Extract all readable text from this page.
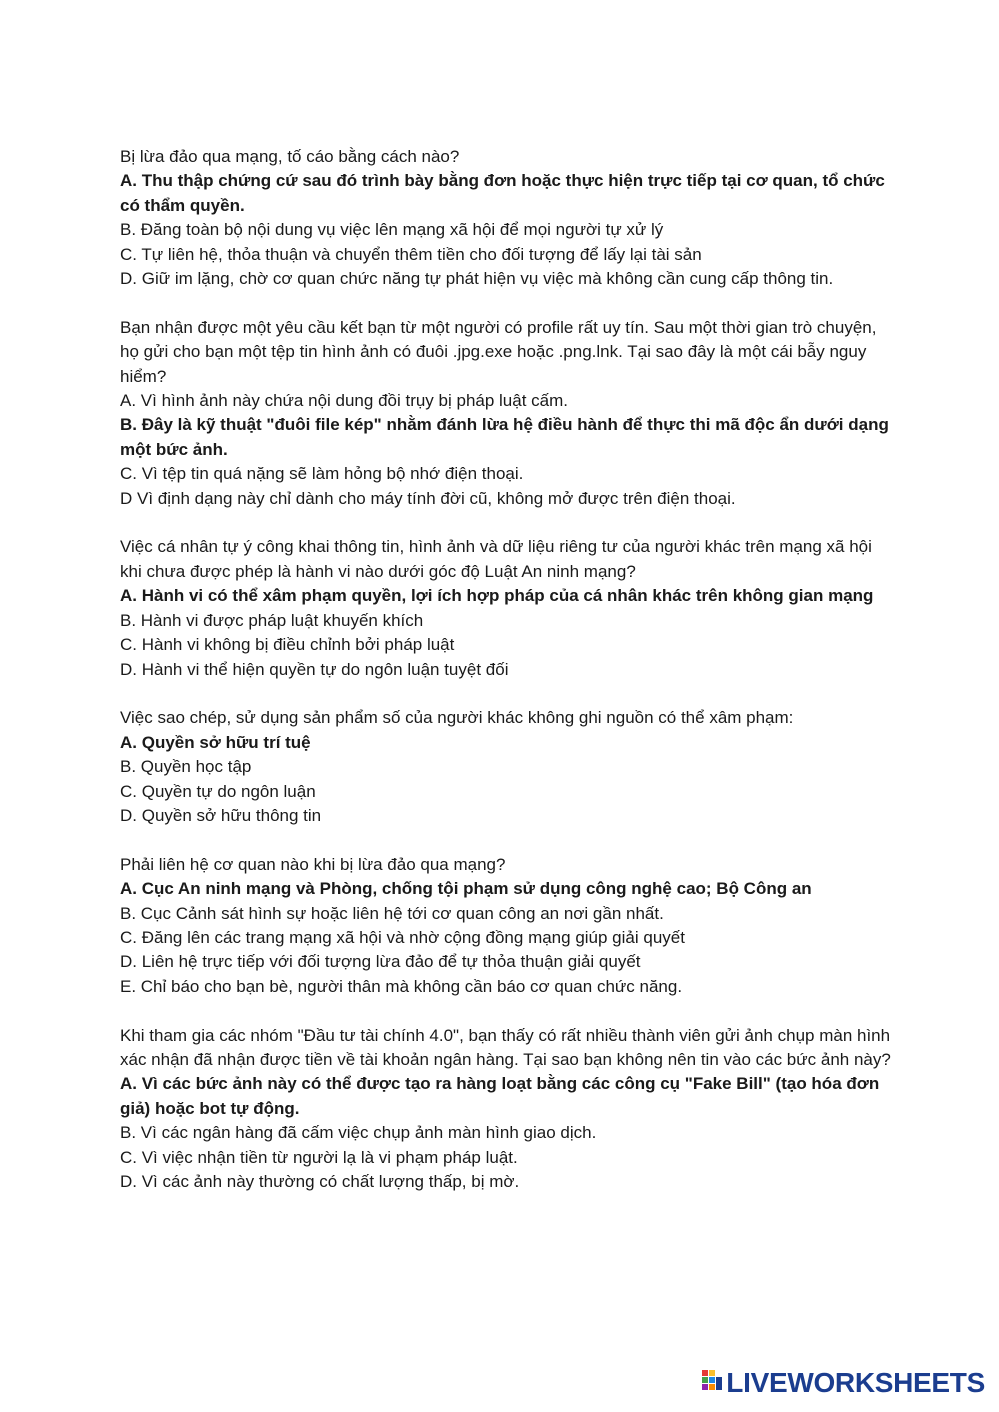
Bị lừa đảo qua mạng, tố cáo bằng cách nào?

A. Thu thập chứng cứ sau đó trình bày bằng đơn hoặc thực hiện trực tiếp tại cơ quan, tổ chức có thẩm quyền.

B. Đăng toàn bộ nội dung vụ việc lên mạng xã hội để mọi người tự xử lý

C. Tự liên hệ, thỏa thuận và chuyển thêm tiền cho đối tượng để lấy lại tài sản

D. Giữ im lặng, chờ cơ quan chức năng tự phát hiện vụ việc mà không cần cung cấp thông tin.

Bạn nhận được một yêu cầu kết bạn từ một người có profile rất uy tín. Sau một thời gian trò chuyện, họ gửi cho bạn một tệp tin hình ảnh có đuôi .jpg.exe hoặc .png.lnk. Tại sao đây là một cái bẫy nguy hiểm?

A. Vì hình ảnh này chứa nội dung đồi trụy bị pháp luật cấm.

B. Đây là kỹ thuật "đuôi file kép" nhằm đánh lừa hệ điều hành để thực thi mã độc ẩn dưới dạng một bức ảnh.

C. Vì tệp tin quá nặng sẽ làm hỏng bộ nhớ điện thoại.

D Vì định dạng này chỉ dành cho máy tính đời cũ, không mở được trên điện thoại.

Việc cá nhân tự ý công khai thông tin, hình ảnh và dữ liệu riêng tư của người khác trên mạng xã hội khi chưa được phép là hành vi nào dưới góc độ Luật An ninh mạng?

A. Hành vi có thể xâm phạm quyền, lợi ích hợp pháp của cá nhân khác trên không gian mạng

B. Hành vi được pháp luật khuyến khích

C. Hành vi không bị điều chỉnh bởi pháp luật

D. Hành vi thể hiện quyền tự do ngôn luận tuyệt đối

Việc sao chép, sử dụng sản phẩm số của người khác không ghi nguồn có thể xâm phạm:

A. Quyền sở hữu trí tuệ

B. Quyền học tập

C. Quyền tự do ngôn luận

D. Quyền sở hữu thông tin

Phải liên hệ cơ quan nào khi bị lừa đảo qua mạng?

A. Cục An ninh mạng và Phòng, chống tội phạm sử dụng công nghệ cao; Bộ Công an

B. Cục Cảnh sát hình sự hoặc liên hệ tới cơ quan công an nơi gần nhất.

C. Đăng lên các trang mạng xã hội và nhờ cộng đồng mạng giúp giải quyết

D. Liên hệ trực tiếp với đối tượng lừa đảo để tự thỏa thuận giải quyết

E. Chỉ báo cho bạn bè, người thân mà không cần báo cơ quan chức năng.

Khi tham gia các nhóm "Đầu tư tài chính 4.0", bạn thấy có rất nhiều thành viên gửi ảnh chụp màn hình xác nhận đã nhận được tiền về tài khoản ngân hàng. Tại sao bạn không nên tin vào các bức ảnh này?

A. Vì các bức ảnh này có thể được tạo ra hàng loạt bằng các công cụ "Fake Bill" (tạo hóa đơn giả) hoặc bot tự động.

B. Vì các ngân hàng đã cấm việc chụp ảnh màn hình giao dịch.

C. Vì việc nhận tiền từ người lạ là vi phạm pháp luật.

D. Vì các ảnh này thường có chất lượng thấp, bị mờ.

LIVEWORKSHEETS
